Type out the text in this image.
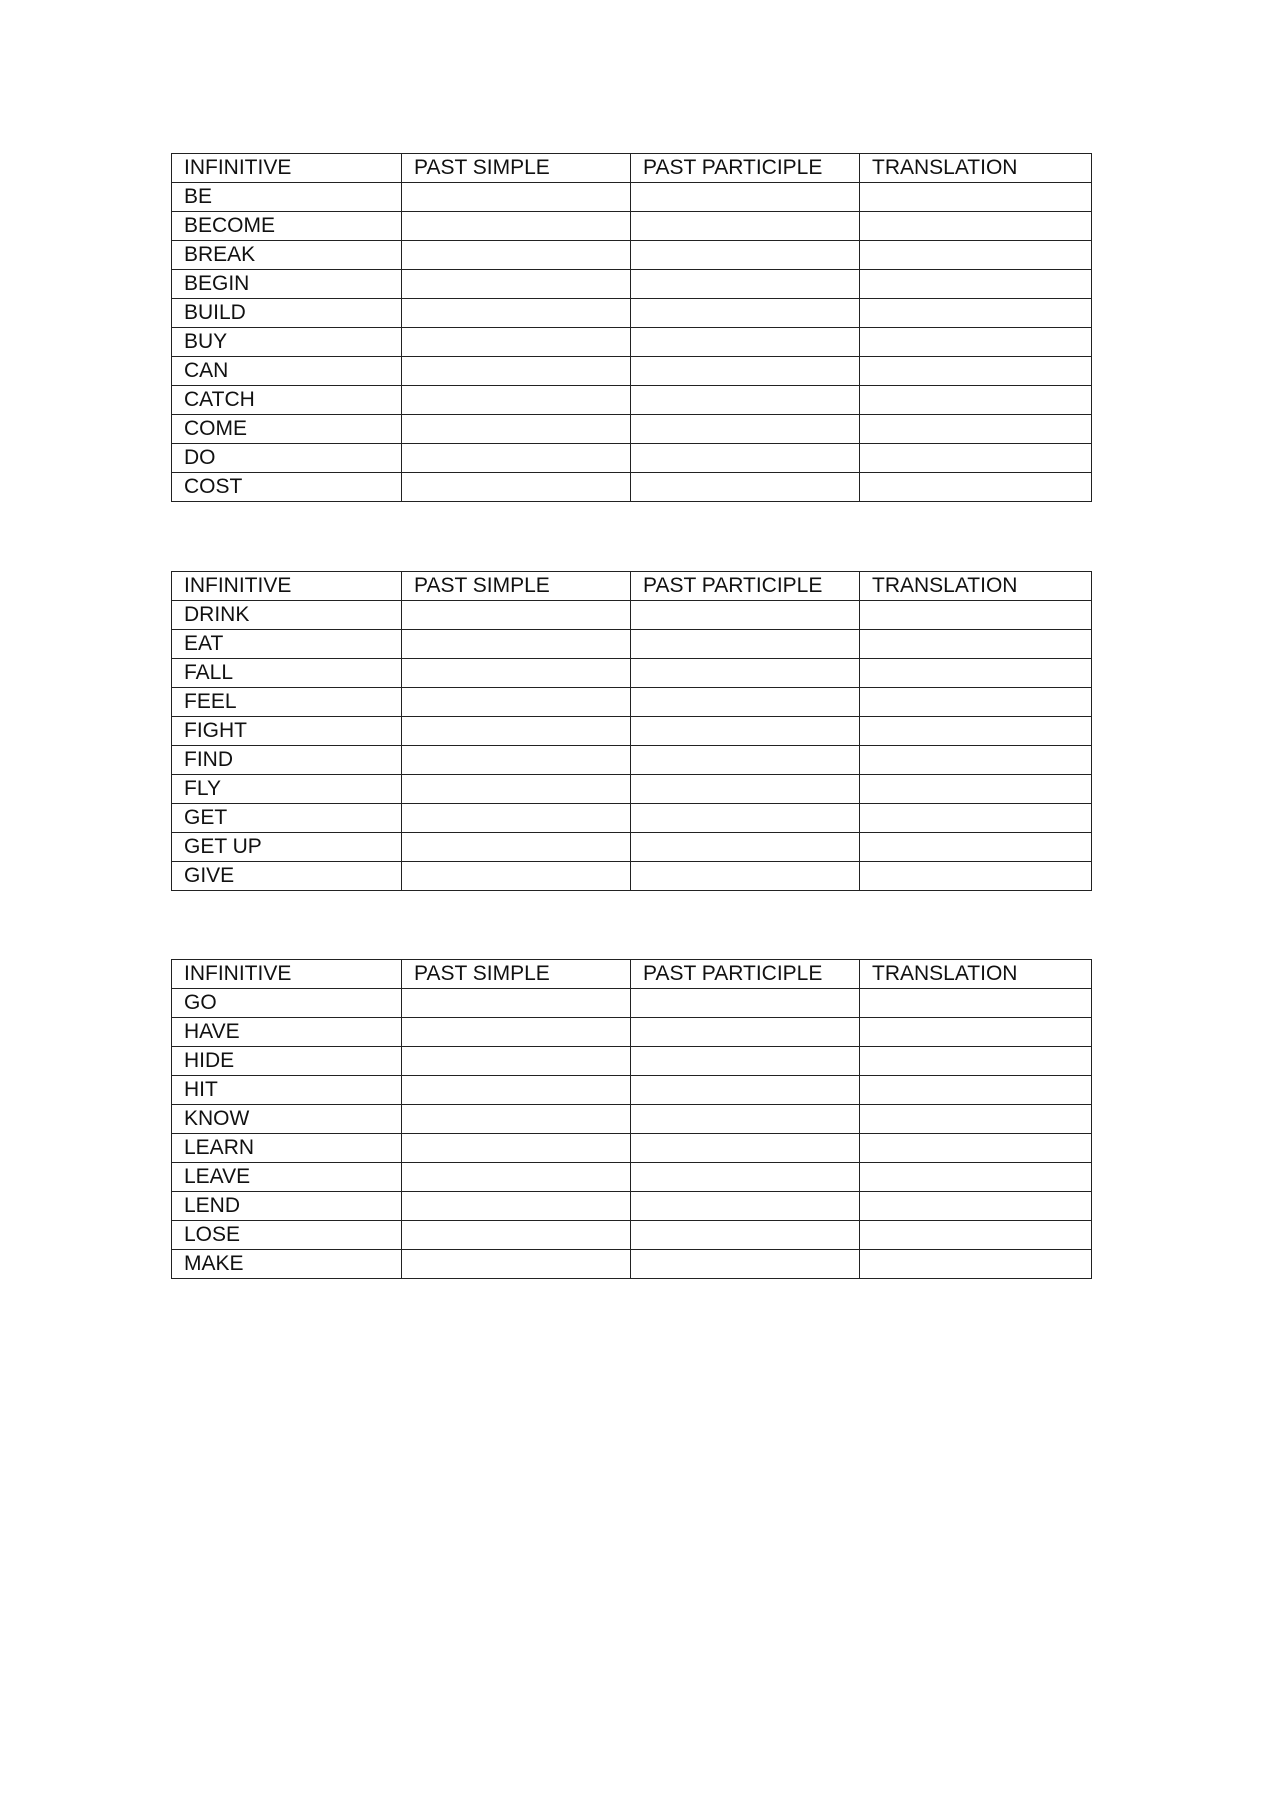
INFINITIVE	PAST SIMPLE	PAST PARTICIPLE	TRANSLATION
BE			
BECOME			
BREAK			
BEGIN			
BUILD			
BUY			
CAN			
CATCH			
COME			
DO			
COST			
INFINITIVE	PAST SIMPLE	PAST PARTICIPLE	TRANSLATION
DRINK			
EAT			
FALL			
FEEL			
FIGHT			
FIND			
FLY			
GET			
GET UP			
GIVE			
INFINITIVE	PAST SIMPLE	PAST PARTICIPLE	TRANSLATION
GO			
HAVE			
HIDE			
HIT			
KNOW			
LEARN			
LEAVE			
LEND			
LOSE			
MAKE			
